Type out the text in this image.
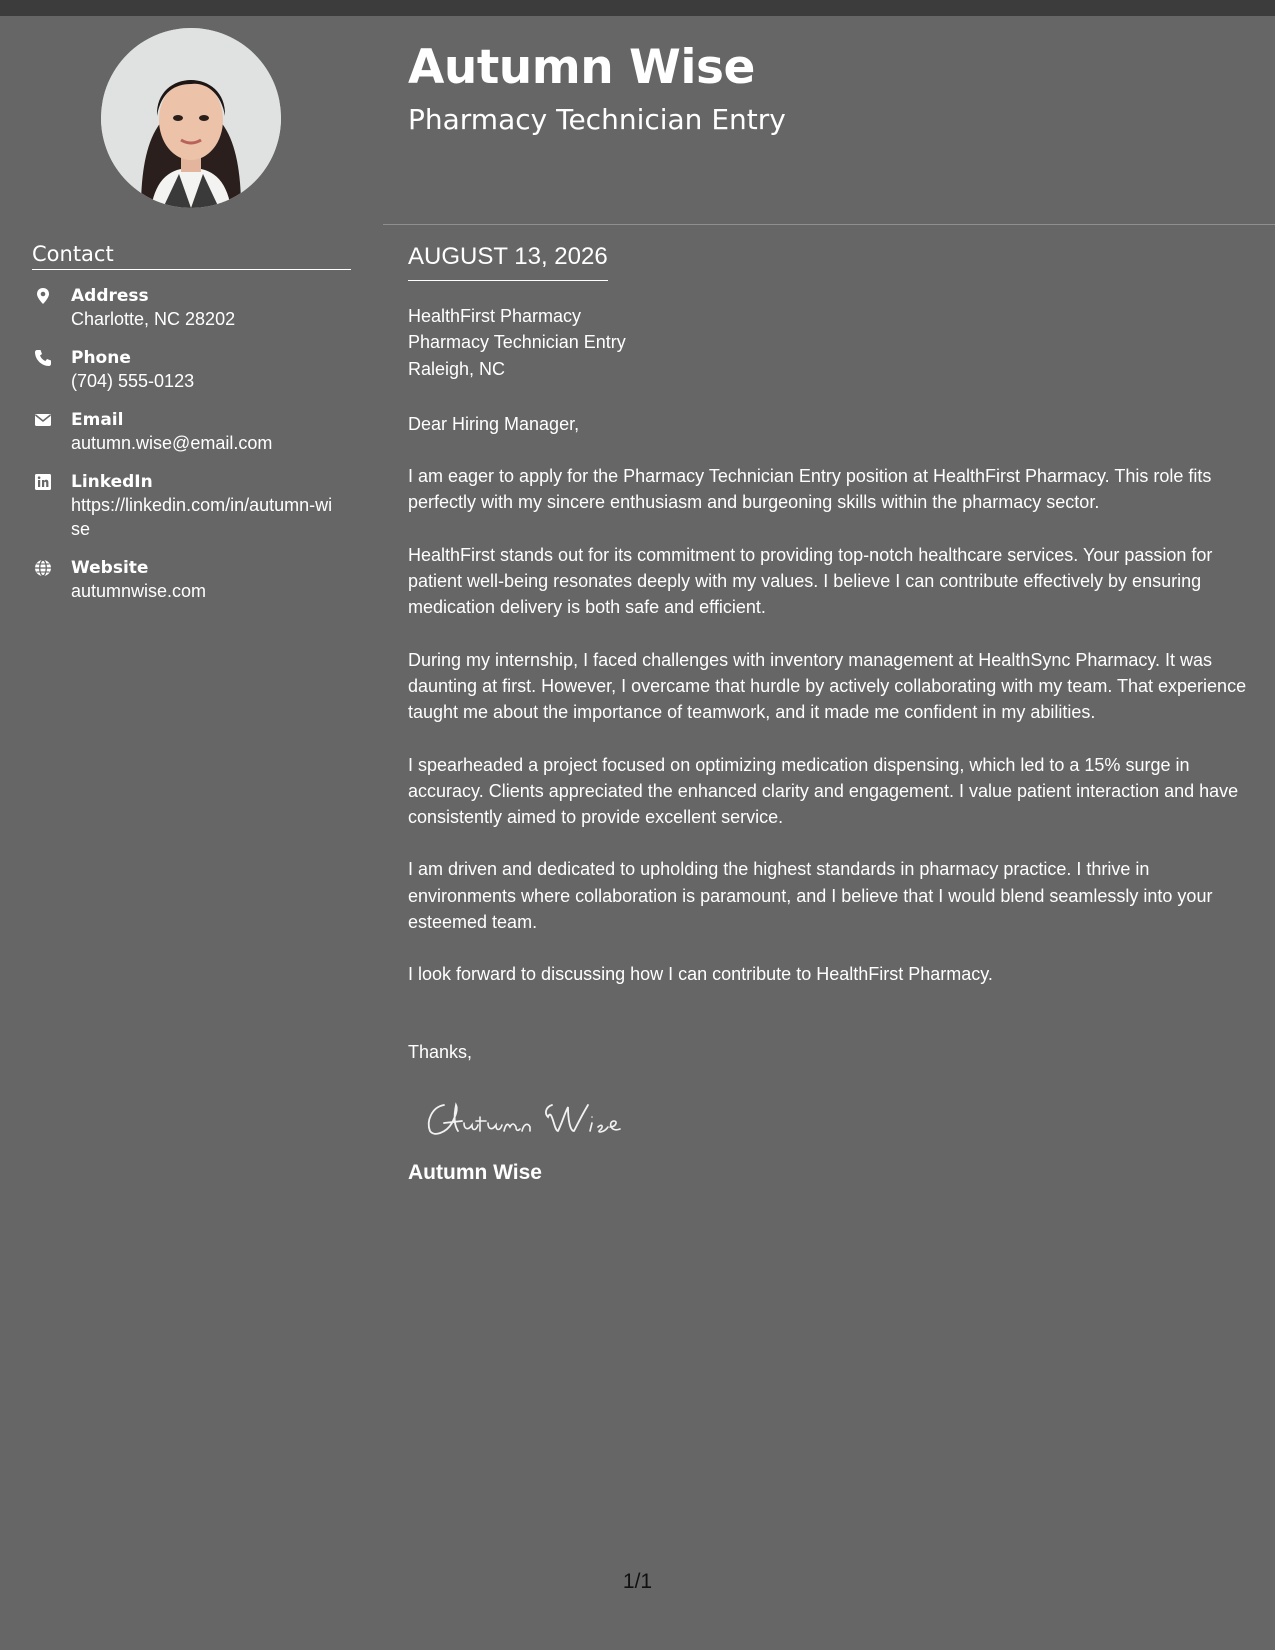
Contact
Address
Charlotte, NC 28202
Phone
(704) 555-0123
Email
autumn.wise@email.com
LinkedIn
https://linkedin.com/in/autumn-wise
Website
autumnwise.com
Autumn Wise
Pharmacy Technician Entry
AUGUST 13, 2026
HealthFirst Pharmacy
Pharmacy Technician Entry
Raleigh, NC
Dear Hiring Manager,
I am eager to apply for the Pharmacy Technician Entry position at HealthFirst Pharmacy. This role fits perfectly with my sincere enthusiasm and burgeoning skills within the pharmacy sector.
HealthFirst stands out for its commitment to providing top-notch healthcare services. Your passion for patient well-being resonates deeply with my values. I believe I can contribute effectively by ensuring medication delivery is both safe and efficient.
During my internship, I faced challenges with inventory management at HealthSync Pharmacy. It was daunting at first. However, I overcame that hurdle by actively collaborating with my team. That experience taught me about the importance of teamwork, and it made me confident in my abilities.
I spearheaded a project focused on optimizing medication dispensing, which led to a 15% surge in accuracy. Clients appreciated the enhanced clarity and engagement. I value patient interaction and have consistently aimed to provide excellent service.
I am driven and dedicated to upholding the highest standards in pharmacy practice. I thrive in environments where collaboration is paramount, and I believe that I would blend seamlessly into your esteemed team.
I look forward to discussing how I can contribute to HealthFirst Pharmacy.
Thanks,
Autumn Wise
1/1
